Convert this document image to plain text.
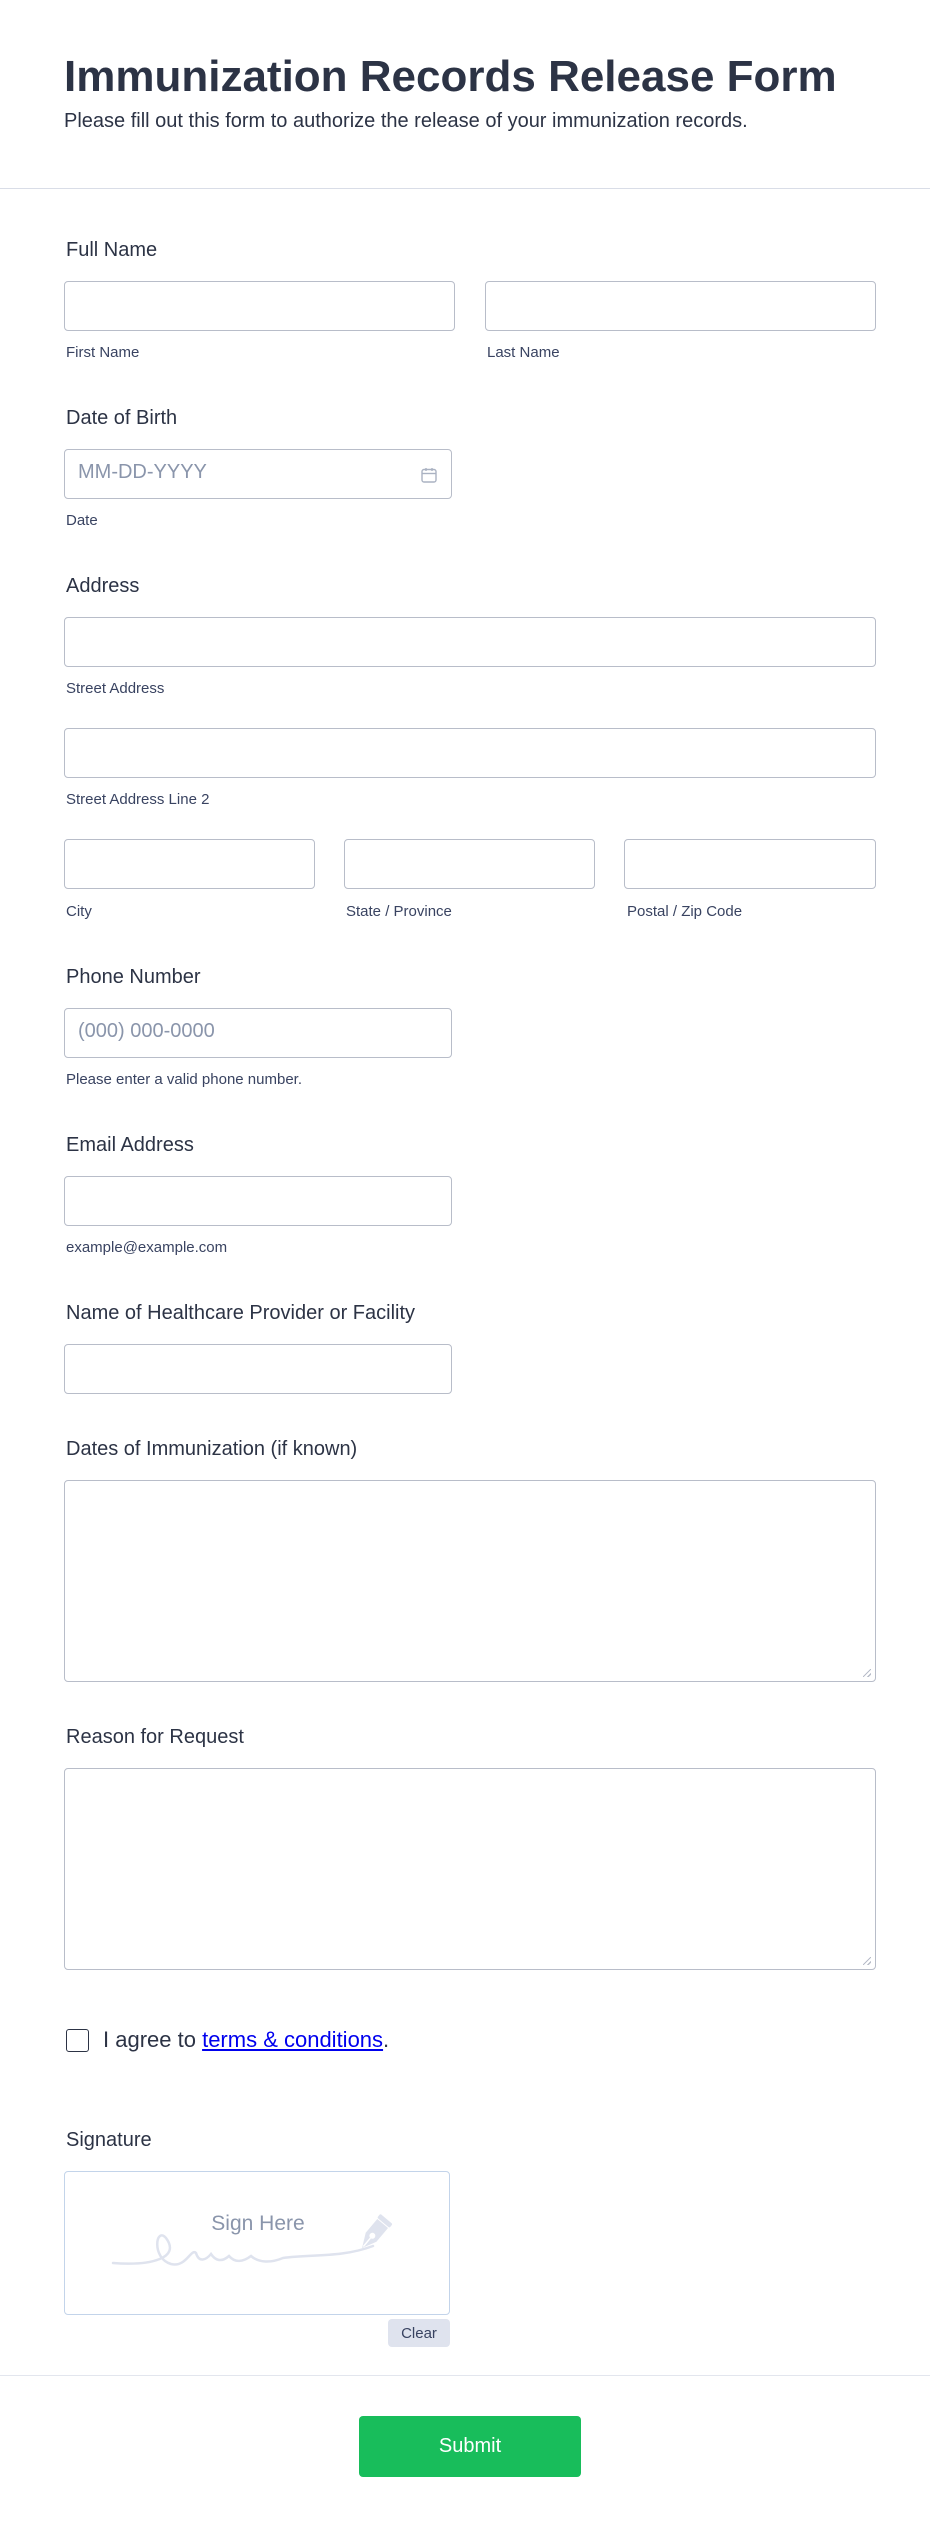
Immunization Records Release Form

Please fill out this form to authorize the release of your immunization records.

Full Name
First Name	Last Name
Date of Birth
MM-DD-YYYY
Date
Address
Street Address
Street Address Line 2
City	State / Province	Postal / Zip Code
Phone Number
(000) 000-0000
Please enter a valid phone number.
Email Address
example@example.com
Name of Healthcare Provider or Facility
Dates of Immunization (if known)
Reason for Request
I agree to terms & conditions.
Signature
Sign Here
Clear
Submit
